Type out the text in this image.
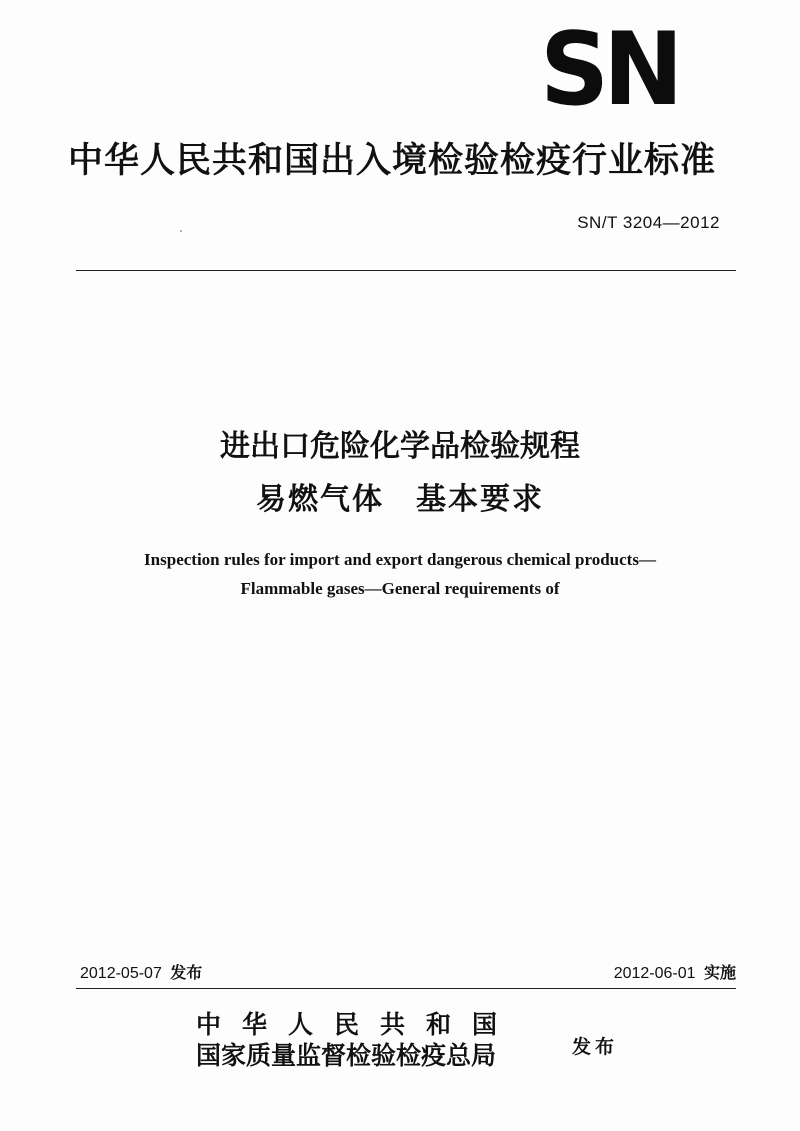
SN
中华人民共和国出入境检验检疫行业标准
SN/T 3204—2012
进出口危险化学品检验规程
易燃气体　基本要求
Inspection rules for import and export dangerous chemical products—
Flammable gases—General requirements of
2012-05-07 发布	2012-06-01 实施
中华人民共和国
国家质量监督检验检疫总局	发布
